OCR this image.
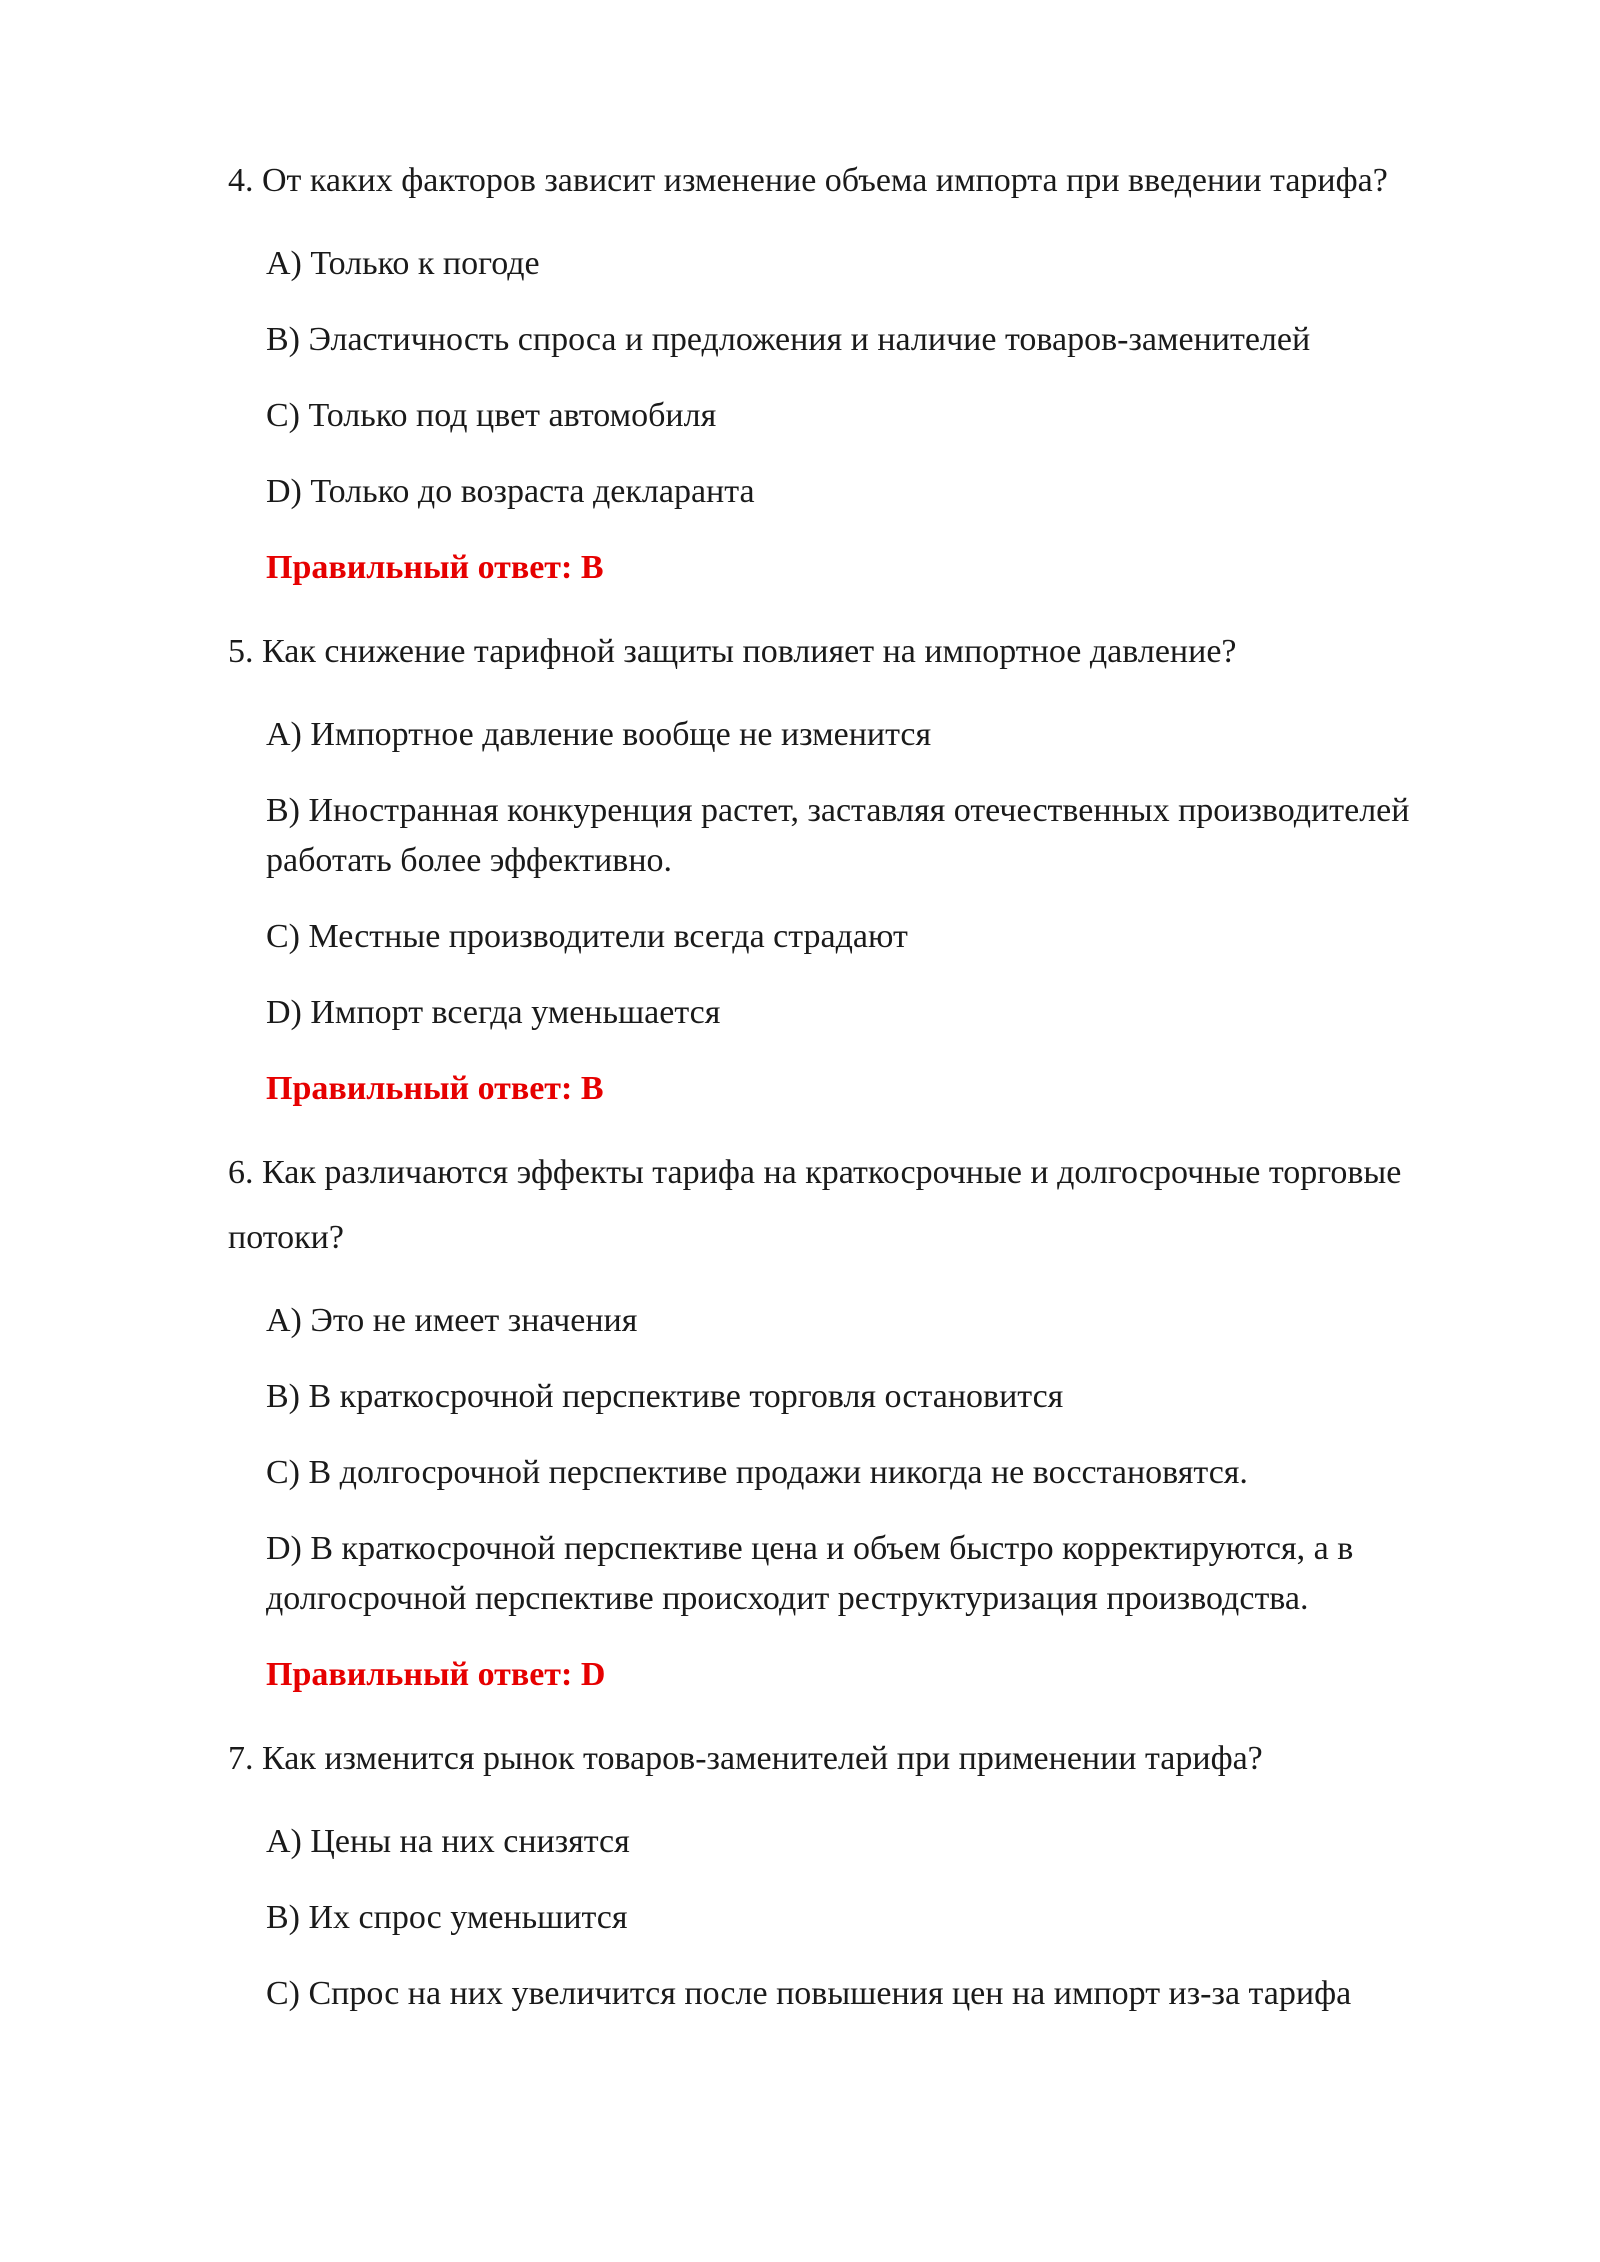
4. От каких факторов зависит изменение объема импорта при введении тарифа?

A) Только к погоде
B) Эластичность спроса и предложения и наличие товаров-заменителей
C) Только под цвет автомобиля
D) Только до возраста декларанта

Правильный ответ: B

5. Как снижение тарифной защиты повлияет на импортное давление?

A) Импортное давление вообще не изменится
B) Иностранная конкуренция растет, заставляя отечественных производителей работать более эффективно.
C) Местные производители всегда страдают
D) Импорт всегда уменьшается

Правильный ответ: B

6. Как различаются эффекты тарифа на краткосрочные и долгосрочные торговые потоки?

A) Это не имеет значения
B) В краткосрочной перспективе торговля остановится
C) В долгосрочной перспективе продажи никогда не восстановятся.
D) В краткосрочной перспективе цена и объем быстро корректируются, а в долгосрочной перспективе происходит реструктуризация производства.

Правильный ответ: D

7. Как изменится рынок товаров-заменителей при применении тарифа?

A) Цены на них снизятся
B) Их спрос уменьшится
C) Спрос на них увеличится после повышения цен на импорт из-за тарифа
